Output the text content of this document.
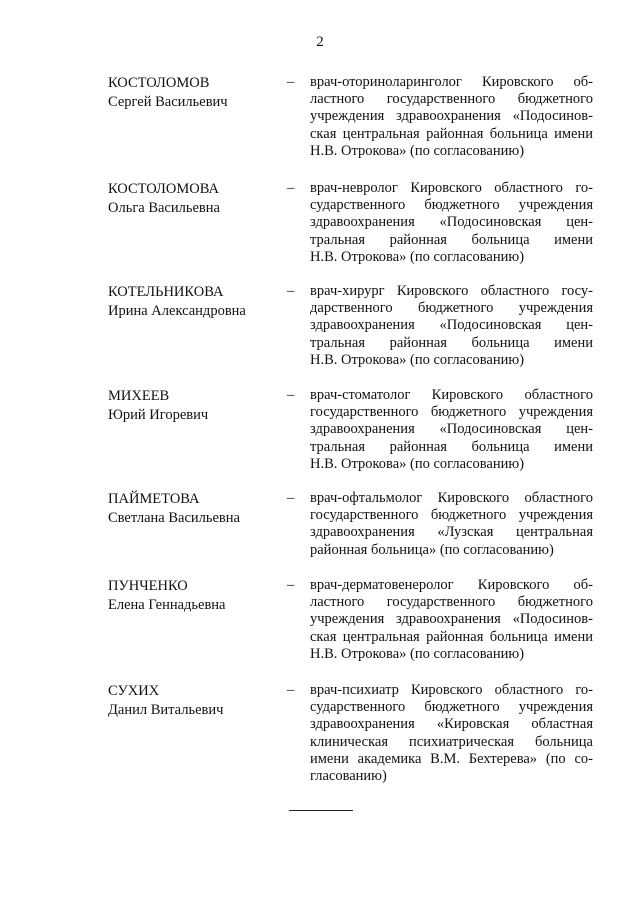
2
КОСТОЛОМОВ
Сергей Васильевич
– врач-оториноларинголог Кировского об-
ластного государственного бюджетного
учреждения здравоохранения «Подосинов-
ская центральная районная больница имени
Н.В. Отрокова» (по согласованию)
КОСТОЛОМОВА
Ольга Васильевна
– врач-невролог Кировского областного го-
сударственного бюджетного учреждения
здравоохранения «Подосиновская цен-
тральная районная больница имени
Н.В. Отрокова» (по согласованию)
КОТЕЛЬНИКОВА
Ирина Александровна
– врач-хирург Кировского областного госу-
дарственного бюджетного учреждения
здравоохранения «Подосиновская цен-
тральная районная больница имени
Н.В. Отрокова» (по согласованию)
МИХЕЕВ
Юрий Игоревич
– врач-стоматолог Кировского областного
государственного бюджетного учреждения
здравоохранения «Подосиновская цен-
тральная районная больница имени
Н.В. Отрокова» (по согласованию)
ПАЙМЕТОВА
Светлана Васильевна
– врач-офтальмолог Кировского областного
государственного бюджетного учреждения
здравоохранения «Лузская центральная
районная больница» (по согласованию)
ПУНЧЕНКО
Елена Геннадьевна
– врач-дерматовенеролог Кировского об-
ластного государственного бюджетного
учреждения здравоохранения «Подосинов-
ская центральная районная больница имени
Н.В. Отрокова» (по согласованию)
СУХИХ
Данил Витальевич
– врач-психиатр Кировского областного го-
сударственного бюджетного учреждения
здравоохранения «Кировская областная
клиническая психиатрическая больница
имени академика В.М. Бехтерева» (по со-
гласованию)
